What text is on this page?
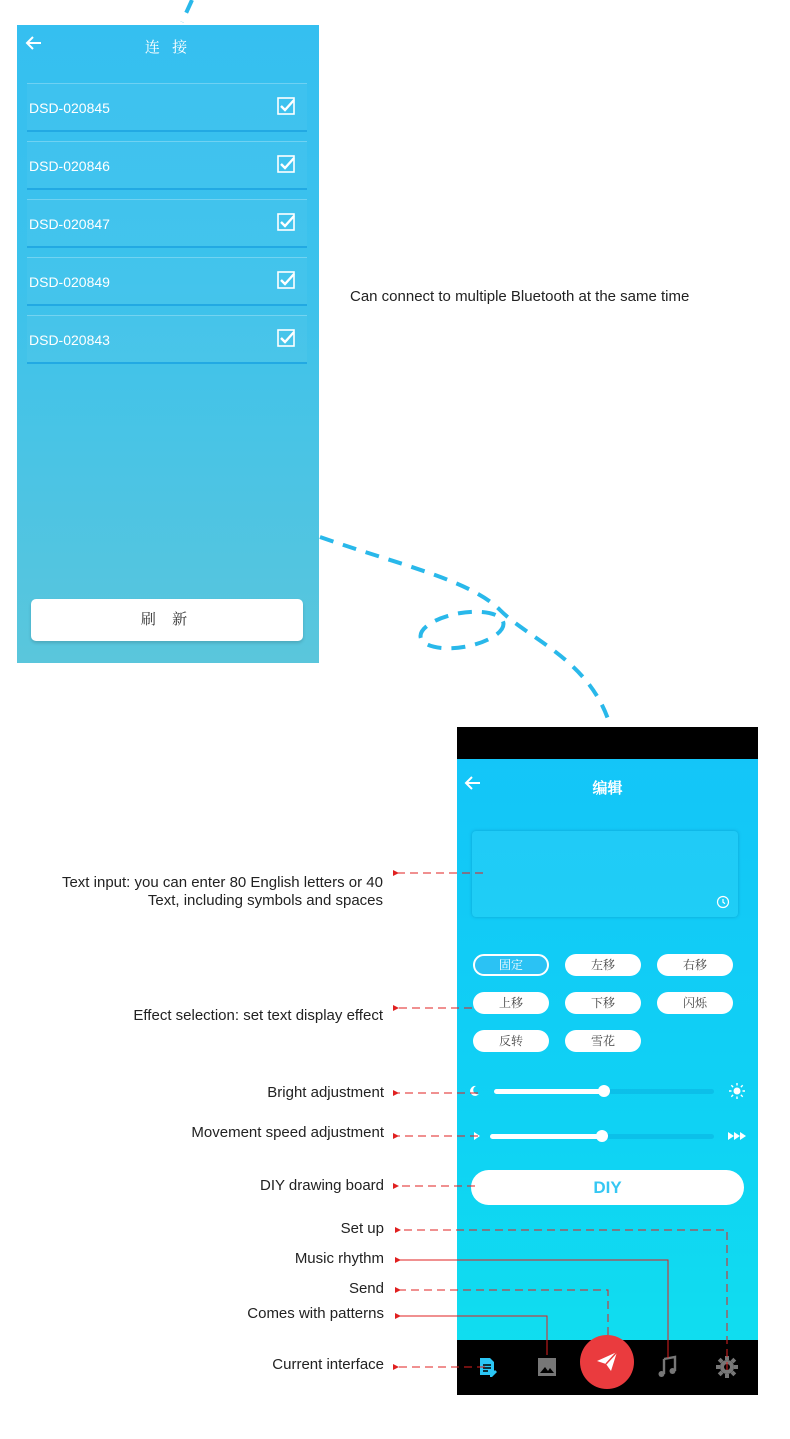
连 接
DSD-020845
DSD-020846
DSD-020847
DSD-020849
DSD-020843
刷 新
Can connect to multiple Bluetooth at the same time
编辑
固定	左移	右移
上移	下移	闪烁
反转	雪花
DIY
Text input: you can enter 80 English letters or 40
Text, including symbols and spaces
Effect selection: set text display effect
Bright adjustment
Movement speed adjustment
DIY drawing board
Set up
Music rhythm
Send
Comes with patterns
Current interface
